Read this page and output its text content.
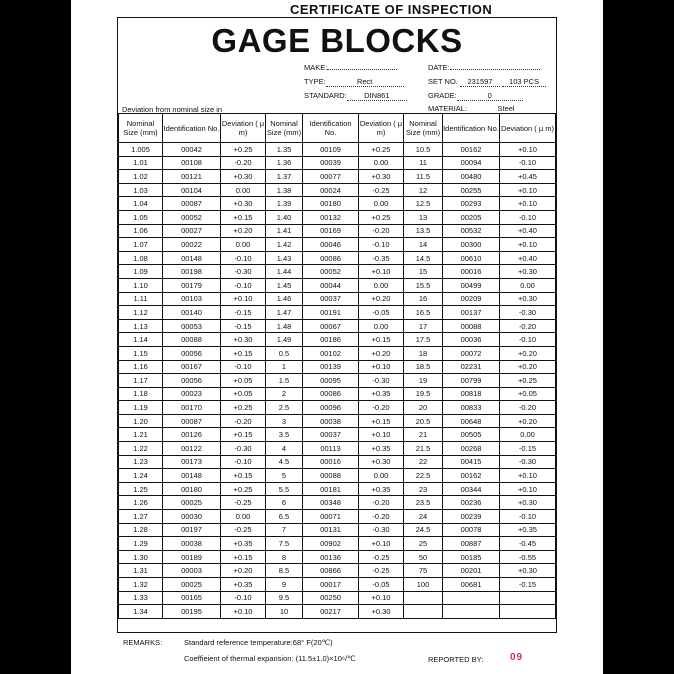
CERTIFICATE OF INSPECTION
GAGE BLOCKS
MAKE:
TYPE:	Rect
STANDARD: DIN861
DATE:
SET NO. 231597 103 PCS
GRADE:	0
MATERIAL:	Steel
Deviation from nominal size in
Nominal Size (mm)	Identification No.	Deviation ( μ m)	Nominal Size (mm)	Identification No.	Deviation ( μ m)	Nominal Size (mm)	Identification No.	Deviation ( μ m)
1.005	00042	+0.25	1.35	00109	+0.25	10.5	00162	+0.10
1.01	00108	-0.20	1.36	00039	0.00	11	00094	-0.10
1.02	00121	+0.30	1.37	00077	+0.30	11.5	00480	+0.45
1.03	00104	0.00	1.38	00024	-0.25	12	00255	+0.10
1.04	00087	+0.30	1.39	00180	0.00	12.5	00293	+0.10
1.05	00052	+0.15	1.40	00132	+0.25	13	00205	-0.10
1.06	00027	+0.20	1.41	00169	-0.20	13.5	00532	+0.40
1.07	00022	0.00	1.42	00046	-0.10	14	00300	+0.10
1.08	00148	-0.10	1.43	00086	-0.35	14.5	00610	+0.40
1.09	00198	-0.30	1.44	00052	+0.10	15	00016	+0.30
1.10	00179	-0.10	1.45	00044	0.00	15.5	00499	0.00
1.11	00103	+0.10	1.46	00037	+0.20	16	00209	+0.30
1.12	00140	-0.15	1.47	00191	-0.05	16.5	00137	-0.30
1.13	00053	-0.15	1.48	00067	0.00	17	00088	-0.20
1.14	00088	+0.30	1.49	00186	+0.15	17.5	00036	-0.10
1.15	00056	+0.15	0.5	00102	+0.20	18	00072	+0.20
1.16	00167	-0.10	1	00139	+0.10	18.5	02231	+0.20
1.17	00056	+0.05	1.5	00095	-0.30	19	00799	+0.25
1.18	00023	+0.05	2	00086	+0.35	19.5	00818	+0.05
1.19	00170	+0.25	2.5	00096	-0.20	20	00833	-0.20
1.20	00087	-0.20	3	00038	+0.15	20.5	00648	+0.20
1.21	00126	+0.15	3.5	00037	+0.10	21	00505	0.00
1.22	00122	-0.30	4	00113	+0.35	21.5	00268	-0.15
1.23	00173	-0.10	4.5	00016	+0.30	22	00415	-0.30
1.24	00148	+0.15	5	00088	0.00	22.5	00162	+0.10
1.25	00180	+0.25	5.5	00181	+0.35	23	00344	+0.10
1.26	00025	-0.25	6	00348	-0.20	23.5	00236	+0.30
1.27	00030	0.00	6.5	00071	-0.20	24	00239	-0.10
1.28	00197	-0.25	7	00131	-0.30	24.5	00078	+0.35
1.29	00038	+0.35	7.5	00902	+0.10	25	00887	-0.45
1.30	00189	+0.15	8	00136	-0.25	50	00185	-0.55
1.31	00003	+0.20	8.5	00866	-0.25	75	00201	+0.30
1.32	00025	+0.35	9	00017	-0.05	100	00681	-0.15
1.33	00165	-0.10	9.5	00250	+0.10			
1.34	00195	+0.10	10	00217	+0.30			
REMARKS:	Standard reference temperature:68° F(20℃)
Coeffieient of thermal expansion: (11.5±1.0)×10⁶/℃	REPORTED BY:	09
